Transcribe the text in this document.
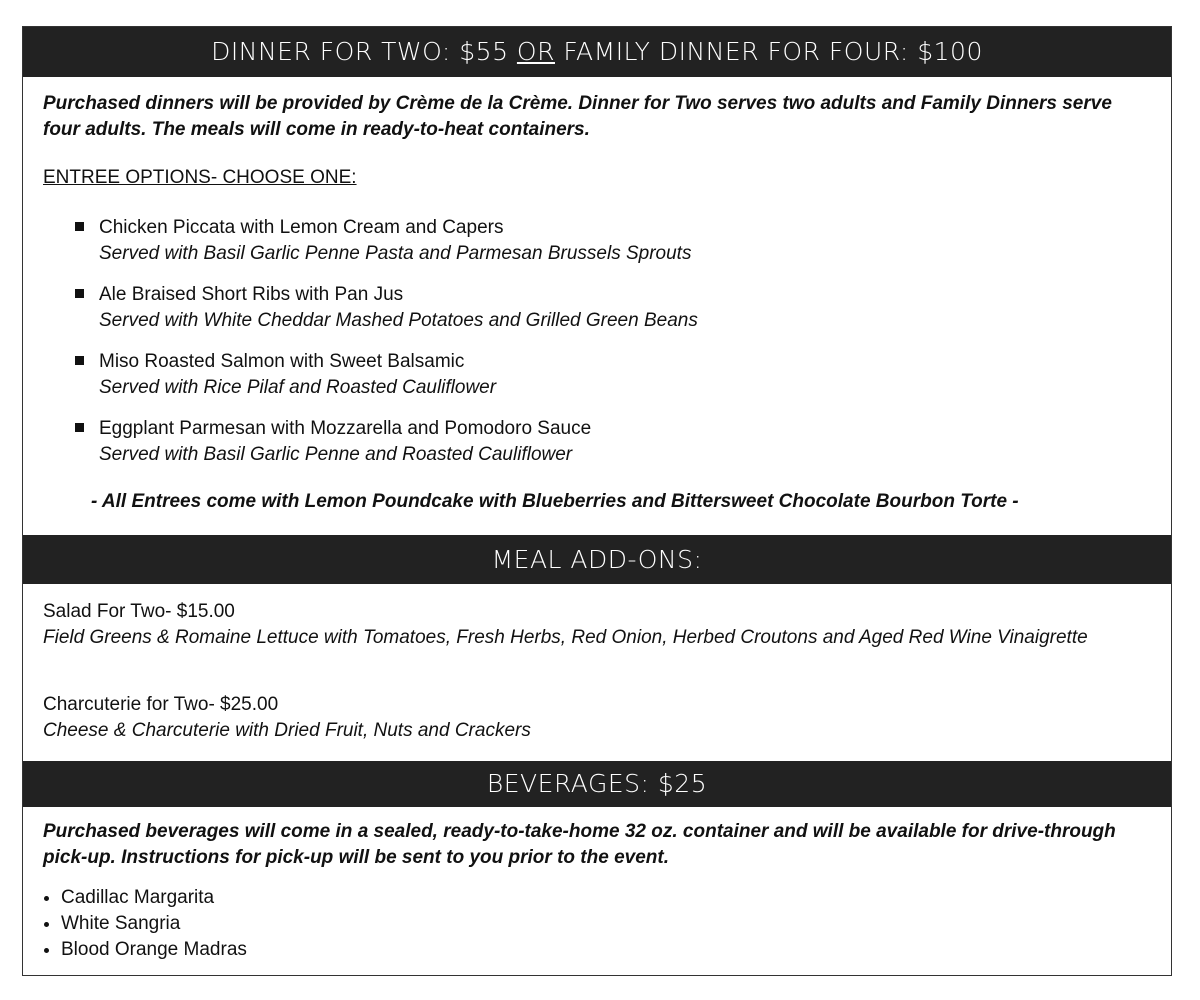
DINNER FOR TWO: $55 OR FAMILY DINNER FOR FOUR: $100
Purchased dinners will be provided by Crème de la Crème. Dinner for Two serves two adults and Family Dinners serve four adults. The meals will come in ready-to-heat containers.
ENTREE OPTIONS- CHOOSE ONE:
Chicken Piccata with Lemon Cream and Capers
Served with Basil Garlic Penne Pasta and Parmesan Brussels Sprouts
Ale Braised Short Ribs with Pan Jus
Served with White Cheddar Mashed Potatoes and Grilled Green Beans
Miso Roasted Salmon with Sweet Balsamic
Served with Rice Pilaf and Roasted Cauliflower
Eggplant Parmesan with Mozzarella and Pomodoro Sauce
Served with Basil Garlic Penne and Roasted Cauliflower
- All Entrees come with Lemon Poundcake with Blueberries and Bittersweet Chocolate Bourbon Torte -
MEAL ADD-ONS:
Salad For Two- $15.00
Field Greens & Romaine Lettuce with Tomatoes, Fresh Herbs, Red Onion, Herbed Croutons and Aged Red Wine Vinaigrette
Charcuterie for Two- $25.00
Cheese & Charcuterie with Dried Fruit, Nuts and Crackers
BEVERAGES: $25
Purchased beverages will come in a sealed, ready-to-take-home 32 oz. container and will be available for drive-through pick-up. Instructions for pick-up will be sent to you prior to the event.
Cadillac Margarita
White Sangria
Blood Orange Madras
